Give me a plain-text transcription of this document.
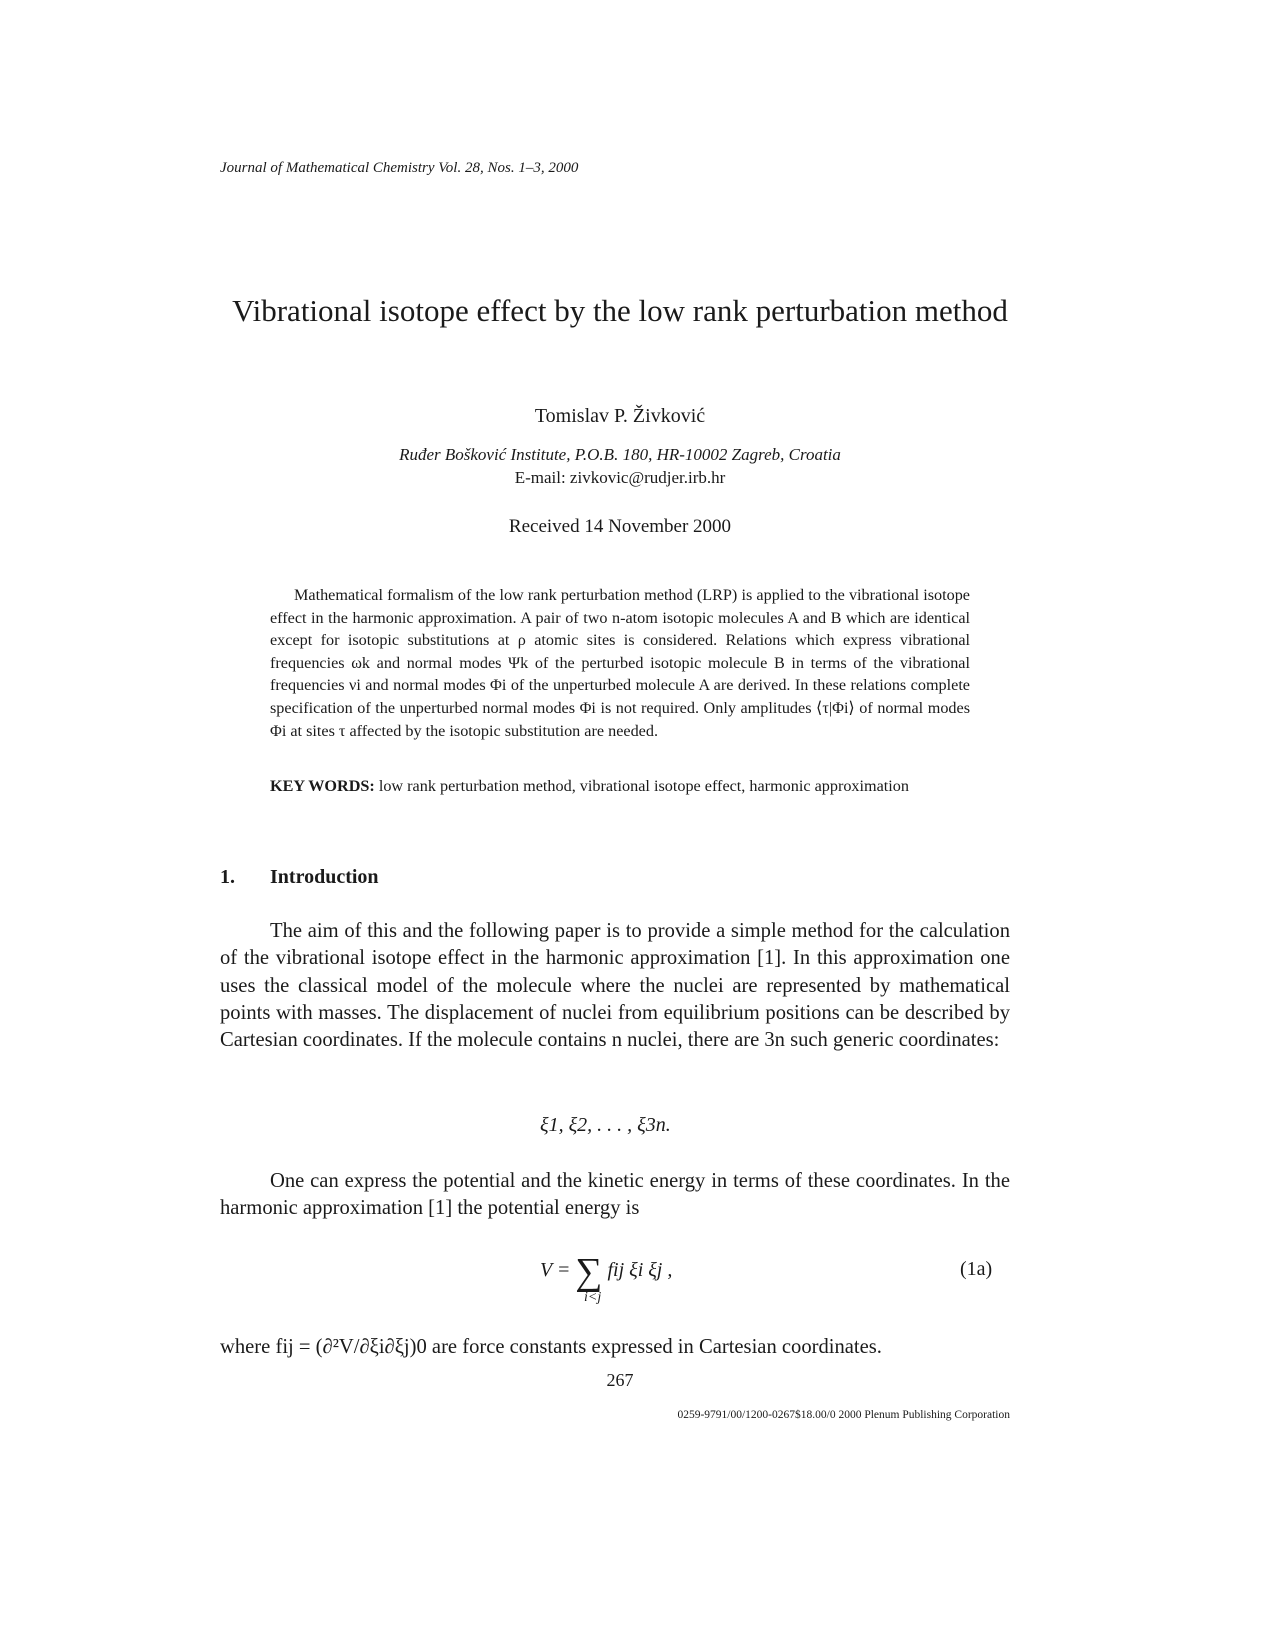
Journal of Mathematical Chemistry Vol. 28, Nos. 1–3, 2000
Vibrational isotope effect by the low rank perturbation method
Tomislav P. Živković
Ruđer Bošković Institute, P.O.B. 180, HR-10002 Zagreb, Croatia
E-mail: zivkovic@rudjer.irb.hr
Received 14 November 2000
Mathematical formalism of the low rank perturbation method (LRP) is applied to the vibrational isotope effect in the harmonic approximation. A pair of two n-atom isotopic molecules A and B which are identical except for isotopic substitutions at ρ atomic sites is considered. Relations which express vibrational frequencies ωk and normal modes Ψk of the perturbed isotopic molecule B in terms of the vibrational frequencies νi and normal modes Φi of the unperturbed molecule A are derived. In these relations complete specification of the unperturbed normal modes Φi is not required. Only amplitudes ⟨τ|Φi⟩ of normal modes Φi at sites τ affected by the isotopic substitution are needed.
KEY WORDS: low rank perturbation method, vibrational isotope effect, harmonic approximation
1. Introduction
The aim of this and the following paper is to provide a simple method for the calculation of the vibrational isotope effect in the harmonic approximation [1]. In this approximation one uses the classical model of the molecule where the nuclei are represented by mathematical points with masses. The displacement of nuclei from equilibrium positions can be described by Cartesian coordinates. If the molecule contains n nuclei, there are 3n such generic coordinates:
ξ1, ξ2, . . . , ξ3n.
One can express the potential and the kinetic energy in terms of these coordinates. In the harmonic approximation [1] the potential energy is
V = ∑ fij ξi ξj ,
i<j
(1a)
where fij = (∂²V/∂ξi∂ξj)0 are force constants expressed in Cartesian coordinates.
267
0259-9791/00/1200-0267$18.00/0 2000 Plenum Publishing Corporation
